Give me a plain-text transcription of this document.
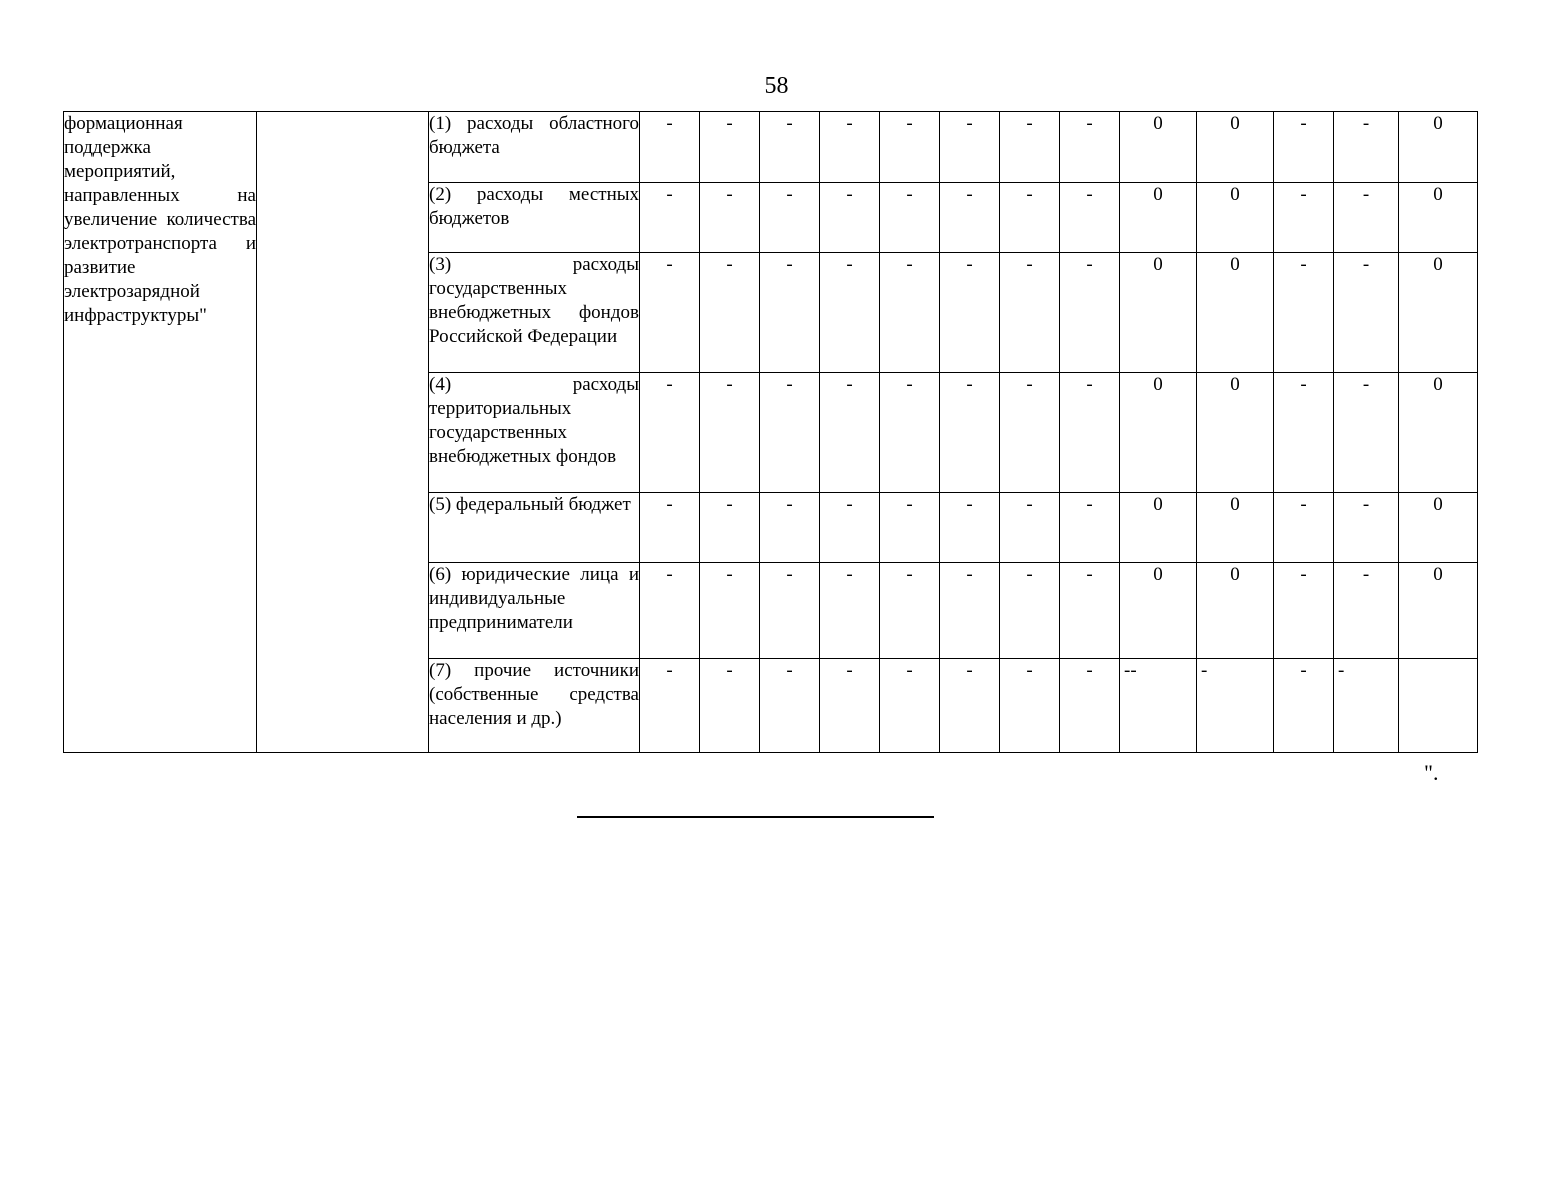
58
формационная поддержка мероприятий, направленных на увеличение количества электротранспорта и развитие электрозарядной инфраструктуры"		(1) расходы областного бюджета	-	-	-	-	-	-	-	-	0	0	-	-	0
		(2) расходы местных бюджетов	-	-	-	-	-	-	-	-	0	0	-	-	0
		(3) расходы государственных внебюджетных фондов Российской Федерации	-	-	-	-	-	-	-	-	0	0	-	-	0
		(4) расходы территориальных государственных внебюджетных фондов	-	-	-	-	-	-	-	-	0	0	-	-	0
		(5) федеральный бюджет	-	-	-	-	-	-	-	-	0	0	-	-	0
		(6) юридические лица и индивидуальные предприниматели	-	-	-	-	-	-	-	-	0	0	-	-	0
		(7) прочие источники (собственные средства населения и др.)	-	-	-	-	-	-	-	-	--	-	-	-	
".
